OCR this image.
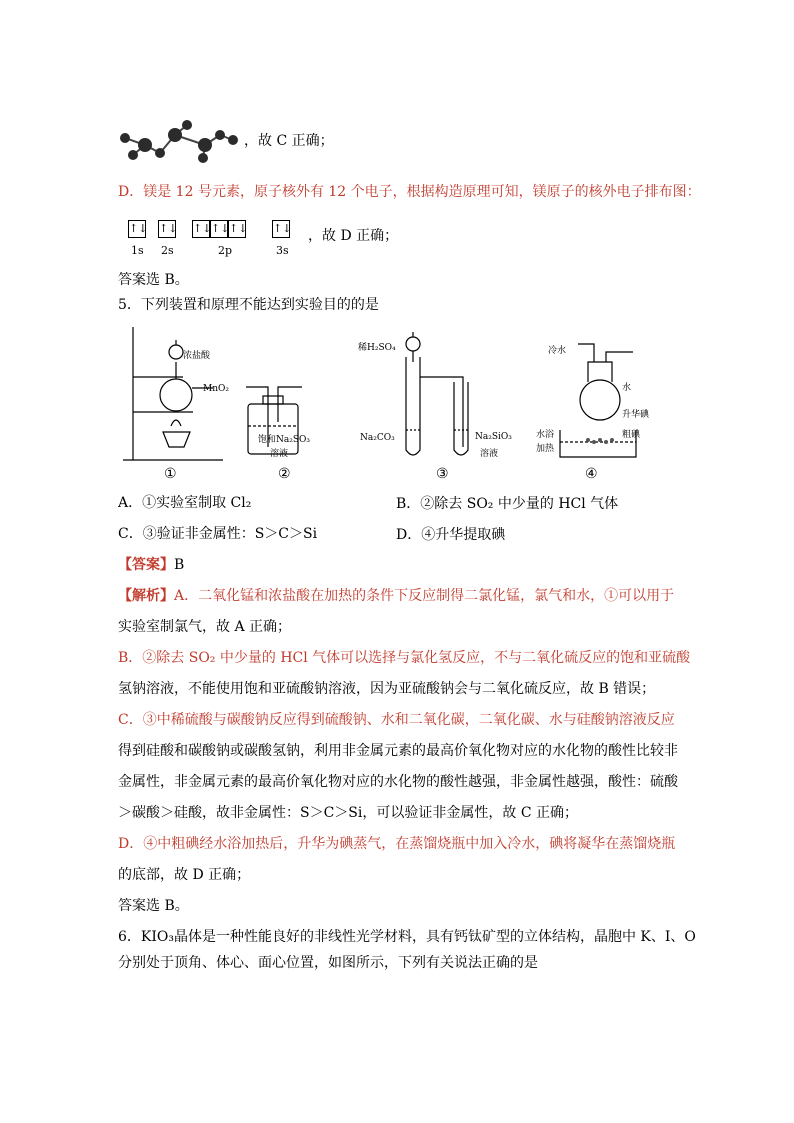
，故 C 正确；
D．镁是 12 号元素，原子核外有 12 个电子，根据构造原理可知，镁原子的核外电子排布图：
↑↓ ↑↓ ↑↓ ↑↓ ↑↓ ↑↓
1s 2s	2p	3s
，故 D 正确；
答案选 B。
5．下列装置和原理不能达到实验目的的是
浓盐酸
MnO₂
饱和Na₂SO₃
溶液
稀H₂SO₄
Na₂CO₃	Na₂SiO₃
溶液
冷水
水
升华碘
粗碘
水浴
加热
①	②	③	④
A．①实验室制取 Cl₂	B．②除去 SO₂ 中少量的 HCl 气体
C．③验证非金属性：S＞C＞Si	D．④升华提取碘
【答案】B
【解析】A．二氧化锰和浓盐酸在加热的条件下反应制得二氯化锰，氯气和水，①可以用于
实验室制氯气，故 A 正确；
B．②除去 SO₂ 中少量的 HCl 气体可以选择与氯化氢反应，不与二氧化硫反应的饱和亚硫酸
氢钠溶液，不能使用饱和亚硫酸钠溶液，因为亚硫酸钠会与二氧化硫反应，故 B 错误；
C．③中稀硫酸与碳酸钠反应得到硫酸钠、水和二氧化碳，二氧化碳、水与硅酸钠溶液反应
得到硅酸和碳酸钠或碳酸氢钠，利用非金属元素的最高价氧化物对应的水化物的酸性比较非
金属性，非金属元素的最高价氧化物对应的水化物的酸性越强，非金属性越强，酸性：硫酸
＞碳酸＞硅酸，故非金属性：S＞C＞Si，可以验证非金属性，故 C 正确；
D．④中粗碘经水浴加热后，升华为碘蒸气，在蒸馏烧瓶中加入冷水，碘将凝华在蒸馏烧瓶
的底部，故 D 正确；
答案选 B。
6．KIO₃晶体是一种性能良好的非线性光学材料，具有钙钛矿型的立体结构，晶胞中 K、I、O
分别处于顶角、体心、面心位置，如图所示，下列有关说法正确的是
